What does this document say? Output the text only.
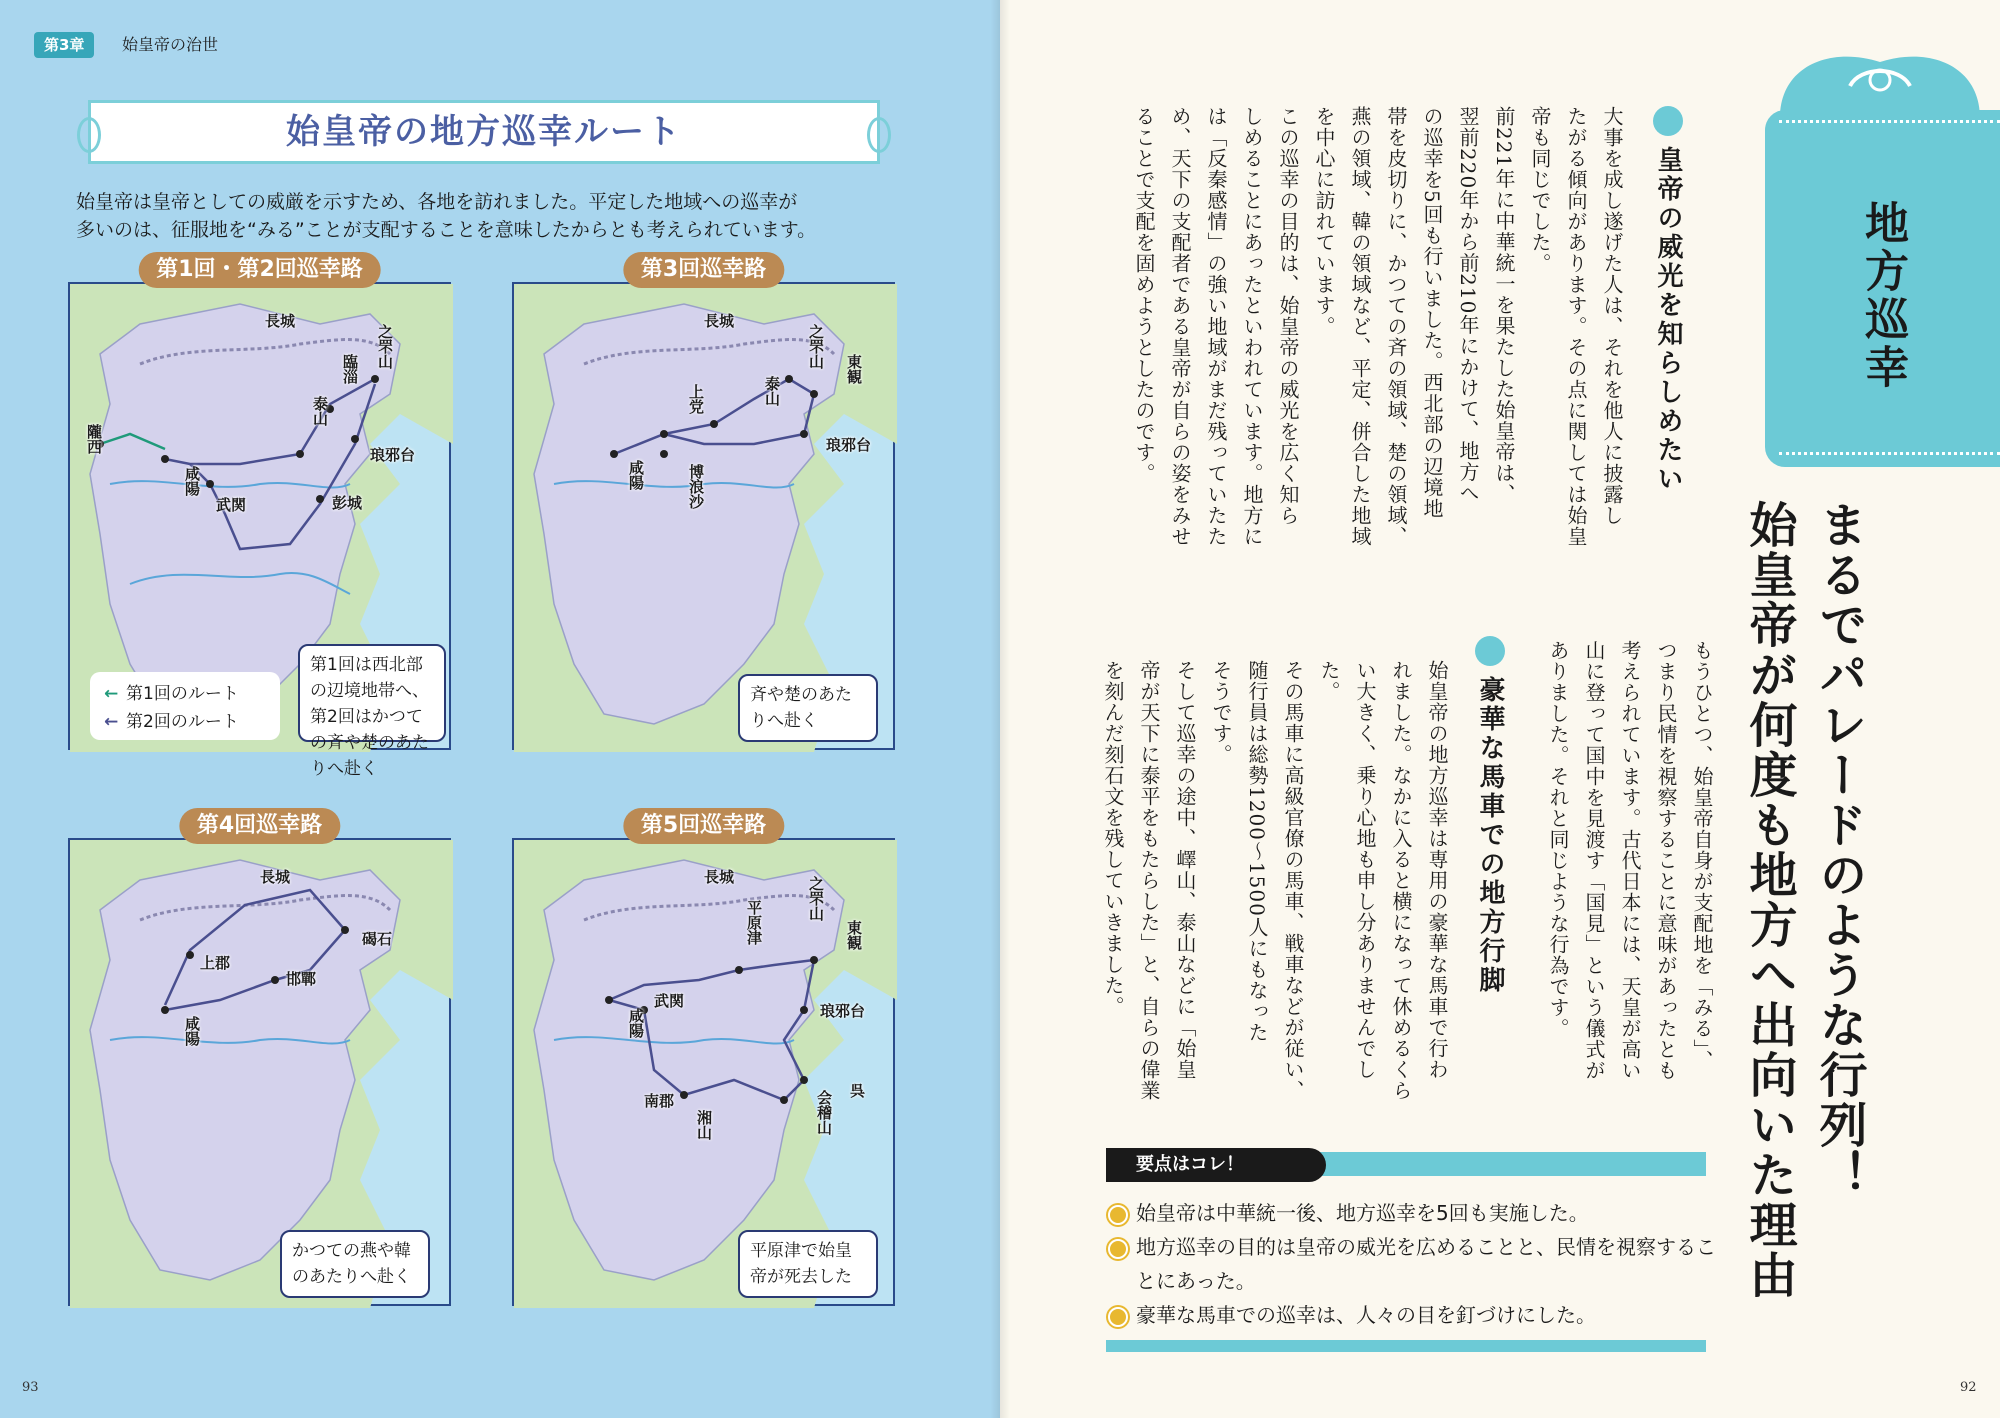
第3章	始皇帝の治世
始皇帝の地方巡幸ルート
始皇帝は皇帝としての威厳を示すため、各地を訪れました。平定した地域への巡幸が
多いのは、征服地を“みる”ことが支配することを意味したからとも考えられています。
第1回・第2回巡幸路
長城
之罘山
臨淄
泰山
隴西
咸陽
琅邪台
武関	彭城
← 第1回のルート
← 第2回のルート
第1回は西北部の辺境地帯へ、第2回はかつての斉や楚のあたりへ赴く
第3回巡幸路
長城
之罘山
泰山
上党
東観
咸陽	博浪沙
琅邪台
斉や楚のあたりへ赴く
第4回巡幸路
長城
碣石
上郡
邯鄲
咸陽
かつての燕や韓のあたりへ赴く
第5回巡幸路
長城	之罘山
平原津	東観
武関
琅邪台
咸陽
呉
南郡	会稽山
湘山
平原津で始皇帝が死去した
93
地方巡幸
まるでパレードのような行列！
始皇帝が何度も地方へ出向いた理由
皇帝の威光を知らしめたい
大事を成し遂げた人は、それを他人に披露し
たがる傾向があります。その点に関しては始皇
帝も同じでした。
前221年に中華統一を果たした始皇帝は、
翌前220年から前210年にかけて、地方へ
の巡幸を5回も行いました。西北部の辺境地
帯を皮切りに、かつての斉の領域、楚の領域、
燕の領域、韓の領域など、平定、併合した地域
を中心に訪れています。
この巡幸の目的は、始皇帝の威光を広く知ら
しめることにあったといわれています。地方に
は「反秦感情」の強い地域がまだ残っていたた
め、天下の支配者である皇帝が自らの姿をみせ
ることで支配を固めようとしたのです。
もうひとつ、始皇帝自身が支配地を「みる」、
つまり民情を視察することに意味があったとも
考えられています。古代日本には、天皇が高い
山に登って国中を見渡す「国見」という儀式が
ありました。それと同じような行為です。
豪華な馬車での地方行脚
始皇帝の地方巡幸は専用の豪華な馬車で行わ
れました。なかに入ると横になって休めるくら
い大きく、乗り心地も申し分ありませんでした。
その馬車に高級官僚の馬車、戦車などが従い、
随行員は総勢1200〜1500人にもなった
そうです。
そして巡幸の途中、嶧山、泰山などに「始皇
帝が天下に泰平をもたらした」と、自らの偉業
を刻んだ刻石文を残していきました。
要点はコレ！
始皇帝は中華統一後、地方巡幸を5回も実施した。
地方巡幸の目的は皇帝の威光を広めることと、民情を視察することにあった。
豪華な馬車での巡幸は、人々の目を釘づけにした。
92
